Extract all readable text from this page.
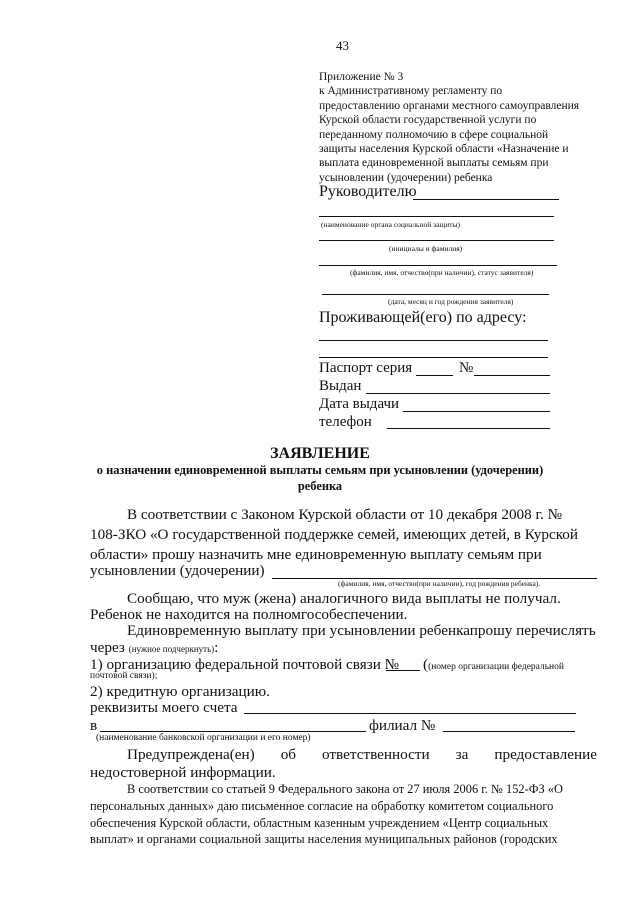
43
Приложение № 3
к Административному регламенту по
предоставлению органами местного самоуправления
Курской области государственной услуги по
переданному полномочию в сфере социальной
защиты населения Курской области «Назначение и
выплата единовременной выплаты семьям при
усыновлении (удочерении) ребенка
Руководителю
(наименование органа социальной защиты)
(инициалы и фамилия)
(фамилия, имя, отчество(при наличии), статус заявителя)
(дата, месяц и год рождения заявителя)
Проживающей(его) по адресу:
Паспорт серия	№
Выдан
Дата выдачи
телефон
ЗАЯВЛЕНИЕ
о назначении единовременной выплаты семьям при усыновлении (удочерении)
ребенка
В соответствии с Законом Курской области от 10 декабря 2008 г. №
108-ЗКО «О государственной поддержке семей, имеющих детей, в Курской
области» прошу назначить мне единовременную выплату семьям при
усыновлении (удочерении)
(фамилия, имя, отчество(при наличии), год рождения ребенка).
Сообщаю, что муж (жена) аналогичного вида выплаты не получал.
Ребенок не находится на полномгособеспечении.
Единовременную выплату при усыновлении ребенкапрошу перечислять
через (нужное подчеркнуть):
1) организацию федеральной почтовой связи № ((номер организации федеральной
почтовой связи);
2) кредитную организацию.
реквизиты моего счета
в	филиал №
(наименование банковской организации и его номер)
Предупреждена(ен) об ответственности за предоставление
недостоверной информации.
В соответствии со статьей 9 Федерального закона от 27 июля 2006 г. № 152-ФЗ «О
персональных данных» даю письменное согласие на обработку комитетом социального
обеспечения Курской области, областным казенным учреждением «Центр социальных
выплат» и органами социальной защиты населения муниципальных районов (городских
